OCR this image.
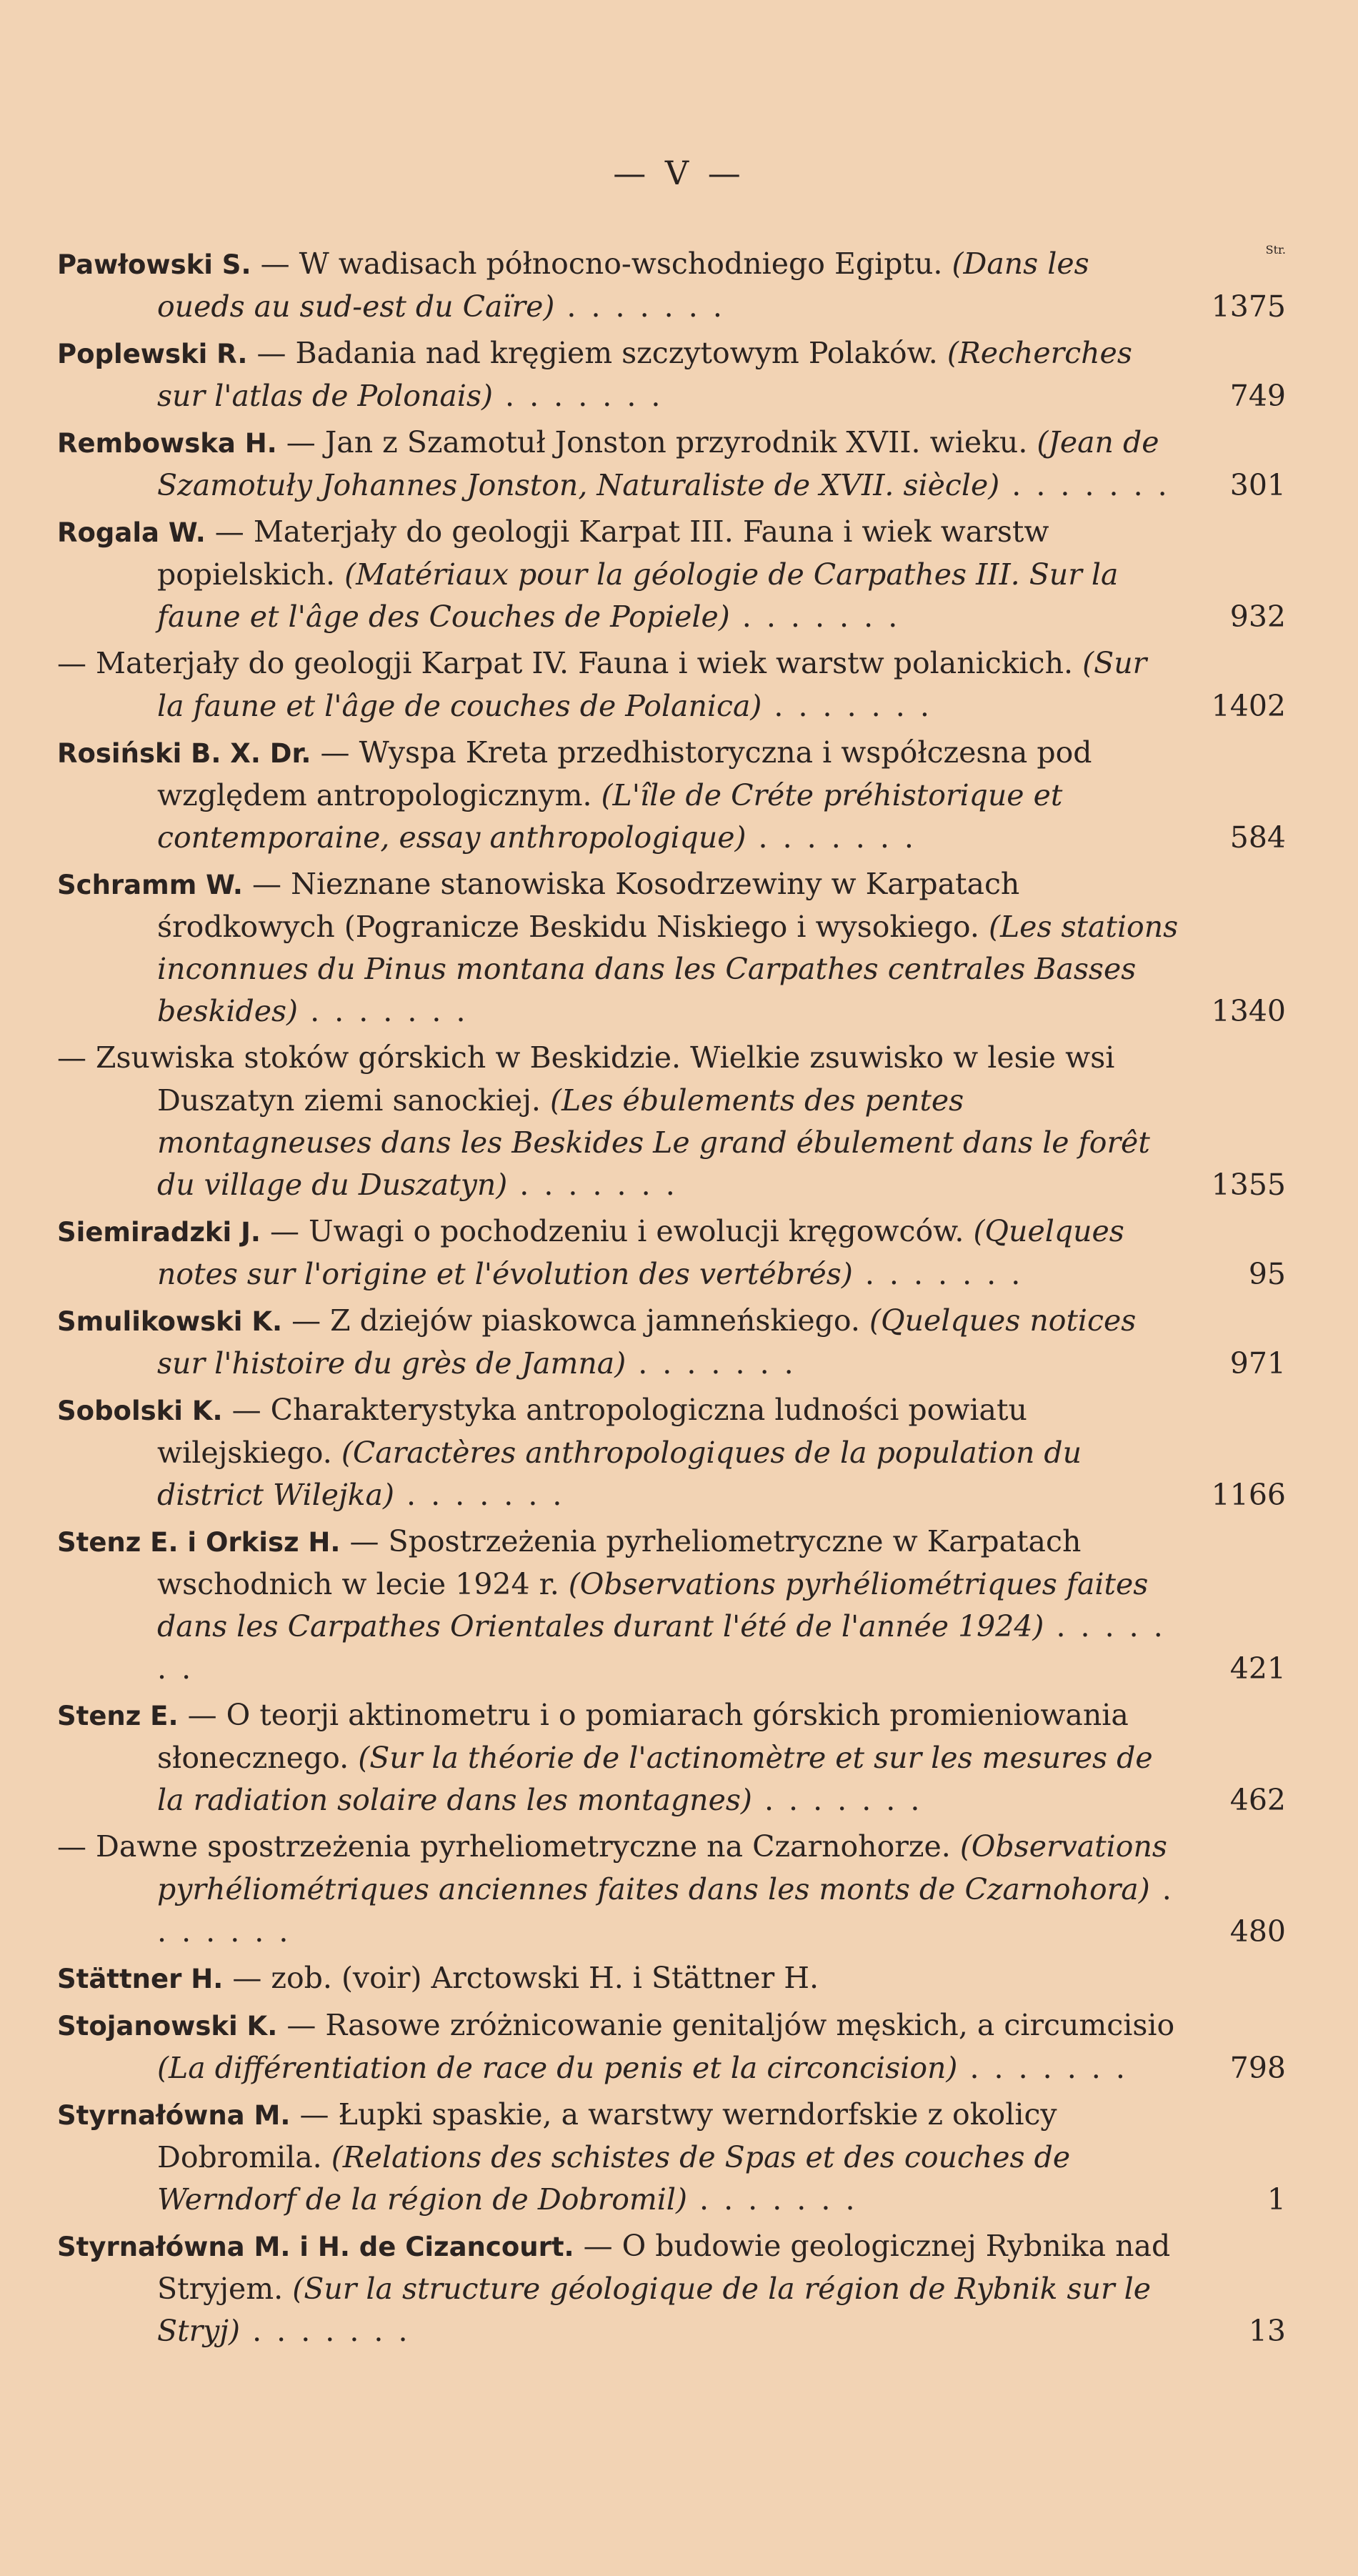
— V —
Str.
Pawłowski S. — W wadisach północno-wschodniego Egiptu. (Dans les oueds au sud-est du Caïre) . . . . . . .	1375
Poplewski R. — Badania nad kręgiem szczytowym Polaków. (Recherches sur l'atlas de Polonais) . . . . . . .	749
Rembowska H. — Jan z Szamotuł Jonston przyrodnik XVII. wieku. (Jean de Szamotuły Johannes Jonston, Naturaliste de XVII. siècle) . . . . . . .	301
Rogala W. — Materjały do geologji Karpat III. Fauna i wiek warstw popielskich. (Matériaux pour la géologie de Carpathes III. Sur la faune et l'âge des Couches de Popiele) . . . . . . .	932
— Materjały do geologji Karpat IV. Fauna i wiek warstw polanickich. (Sur la faune et l'âge de couches de Polanica) . . . . . . .	1402
Rosiński B. X. Dr. — Wyspa Kreta przedhistoryczna i współczesna pod względem antropologicznym. (L'île de Créte préhistorique et contemporaine, essay anthropologique) . . . . . . .	584
Schramm W. — Nieznane stanowiska Kosodrzewiny w Karpatach środkowych (Pogranicze Beskidu Niskiego i wysokiego. (Les stations inconnues du Pinus montana dans les Carpathes centrales Basses beskides) . . . . . . .	1340
— Zsuwiska stoków górskich w Beskidzie. Wielkie zsuwisko w lesie wsi Duszatyn ziemi sanockiej. (Les ébulements des pentes montagneuses dans les Beskides Le grand ébulement dans le forêt du village du Duszatyn) . . . . . . .	1355
Siemiradzki J. — Uwagi o pochodzeniu i ewolucji kręgowców. (Quelques notes sur l'origine et l'évolution des vertébrés) . . . . . . .	95
Smulikowski K. — Z dziejów piaskowca jamneńskiego. (Quelques notices sur l'histoire du grès de Jamna) . . . . . . .	971
Sobolski K. — Charakterystyka antropologiczna ludności powiatu wilejskiego. (Caractères anthropologiques de la population du district Wilejka) . . . . . . .	1166
Stenz E. i Orkisz H. — Spostrzeżenia pyrheliometryczne w Karpatach wschodnich w lecie 1924 r. (Observations pyrhéliométriques faites dans les Carpathes Orientales durant l'été de l'année 1924) . . . . . . .	421
Stenz E. — O teorji aktinometru i o pomiarach górskich promieniowania słonecznego. (Sur la théorie de l'actinomètre et sur les mesures de la radiation solaire dans les montagnes) . . . . . . .	462
— Dawne spostrzeżenia pyrheliometryczne na Czarnohorze. (Observations pyrhéliométriques anciennes faites dans les monts de Czarnohora) . . . . . . .	480
Stättner H. — zob. (voir) Arctowski H. i Stättner H.
Stojanowski K. — Rasowe zróżnicowanie genitaljów męskich, a circumcisio (La différentiation de race du penis et la circoncision) . . . . . . .	798
Styrnałówna M. — Łupki spaskie, a warstwy werndorfskie z okolicy Dobromila. (Relations des schistes de Spas et des couches de Werndorf de la région de Dobromil) . . . . . . .	1
Styrnałówna M. i H. de Cizancourt. — O budowie geologicznej Rybnika nad Stryjem. (Sur la structure géologique de la région de Rybnik sur le Stryj) . . . . . . .	13
